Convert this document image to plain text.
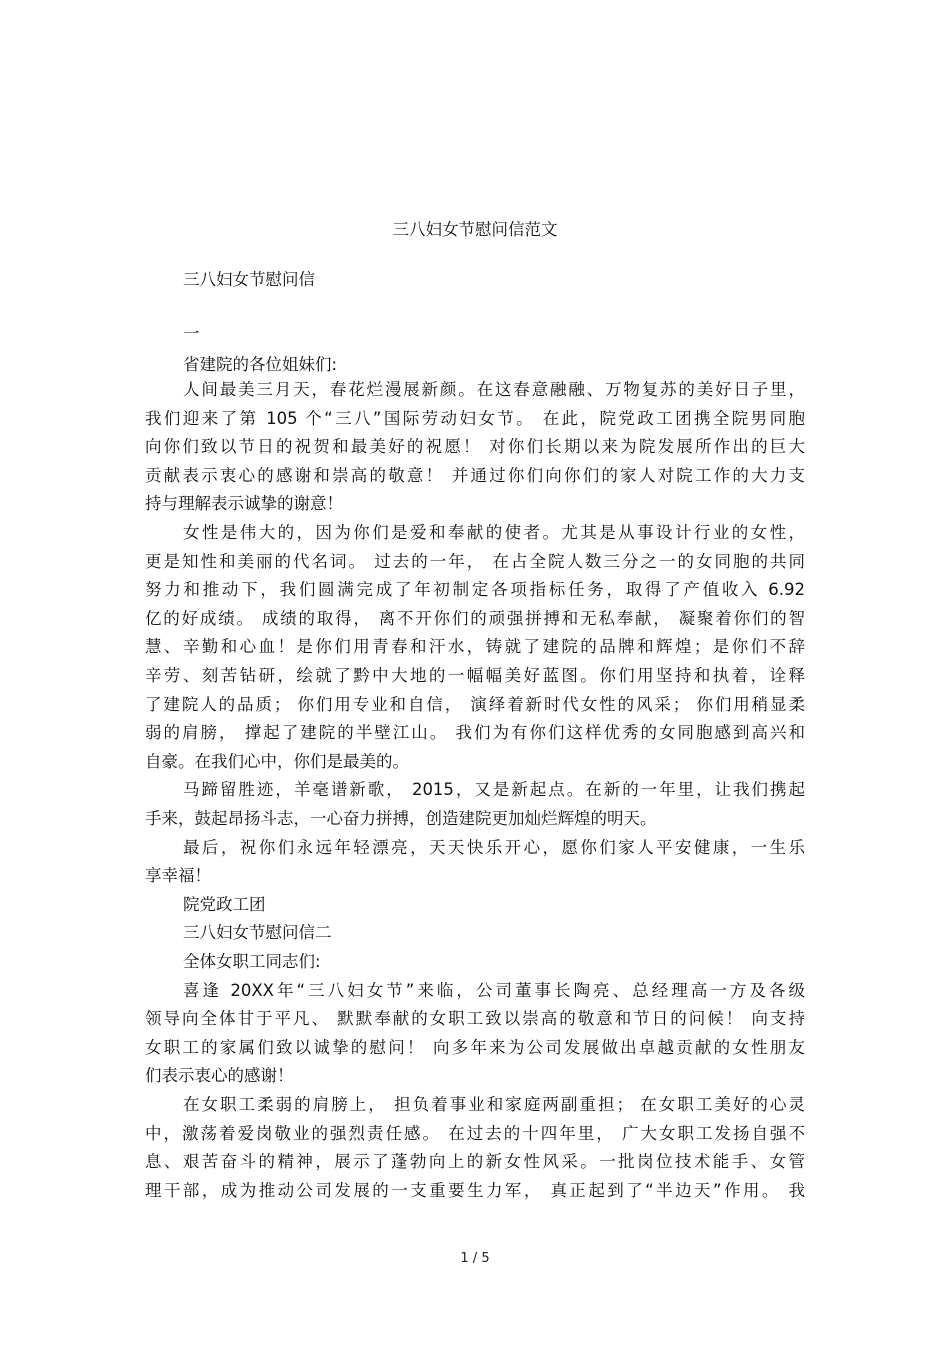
三八妇女节慰问信范文
三八妇女节慰问信
一
省建院的各位姐妹们:
人间最美三月天，春花烂漫展新颜。在这春意融融、万物复苏的美好日子里，
我们迎来了第 105 个“三八”国际劳动妇女节。 在此，院党政工团携全院男同胞
向你们致以节日的祝贺和最美好的祝愿！ 对你们长期以来为院发展所作出的巨大
贡献表示衷心的感谢和崇高的敬意！ 并通过你们向你们的家人对院工作的大力支
持与理解表示诚挚的谢意！
女性是伟大的，因为你们是爱和奉献的使者。尤其是从事设计行业的女性，
更是知性和美丽的代名词。 过去的一年， 在占全院人数三分之一的女同胞的共同
努力和推动下，我们圆满完成了年初制定各项指标任务，取得了产值收入 6.92
亿的好成绩。 成绩的取得， 离不开你们的顽强拼搏和无私奉献， 凝聚着你们的智
慧、辛勤和心血！是你们用青春和汗水，铸就了建院的品牌和辉煌；是你们不辞
辛劳、刻苦钻研，绘就了黔中大地的一幅幅美好蓝图。你们用坚持和执着，诠释
了建院人的品质； 你们用专业和自信， 演绎着新时代女性的风采； 你们用稍显柔
弱的肩膀， 撑起了建院的半壁江山。 我们为有你们这样优秀的女同胞感到高兴和
自豪。在我们心中，你们是最美的。
马蹄留胜迹，羊毫谱新歌， 2015，又是新起点。在新的一年里，让我们携起
手来，鼓起昂扬斗志，一心奋力拼搏，创造建院更加灿烂辉煌的明天。
最后，祝你们永远年轻漂亮，天天快乐开心，愿你们家人平安健康，一生乐
享幸福！
院党政工团
三八妇女节慰问信二
全体女职工同志们:
喜逢 20XX年“三八妇女节”来临，公司董事长陶亮、总经理高一方及各级
领导向全体甘于平凡、 默默奉献的女职工致以崇高的敬意和节日的问候！ 向支持
女职工的家属们致以诚挚的慰问！ 向多年来为公司发展做出卓越贡献的女性朋友
们表示衷心的感谢！
在女职工柔弱的肩膀上， 担负着事业和家庭两副重担； 在女职工美好的心灵
中，激荡着爱岗敬业的强烈责任感。 在过去的十四年里， 广大女职工发扬自强不
息、艰苦奋斗的精神，展示了蓬勃向上的新女性风采。一批岗位技术能手、女管
理干部，成为推动公司发展的一支重要生力军， 真正起到了“半边天”作用。 我
1 / 5
